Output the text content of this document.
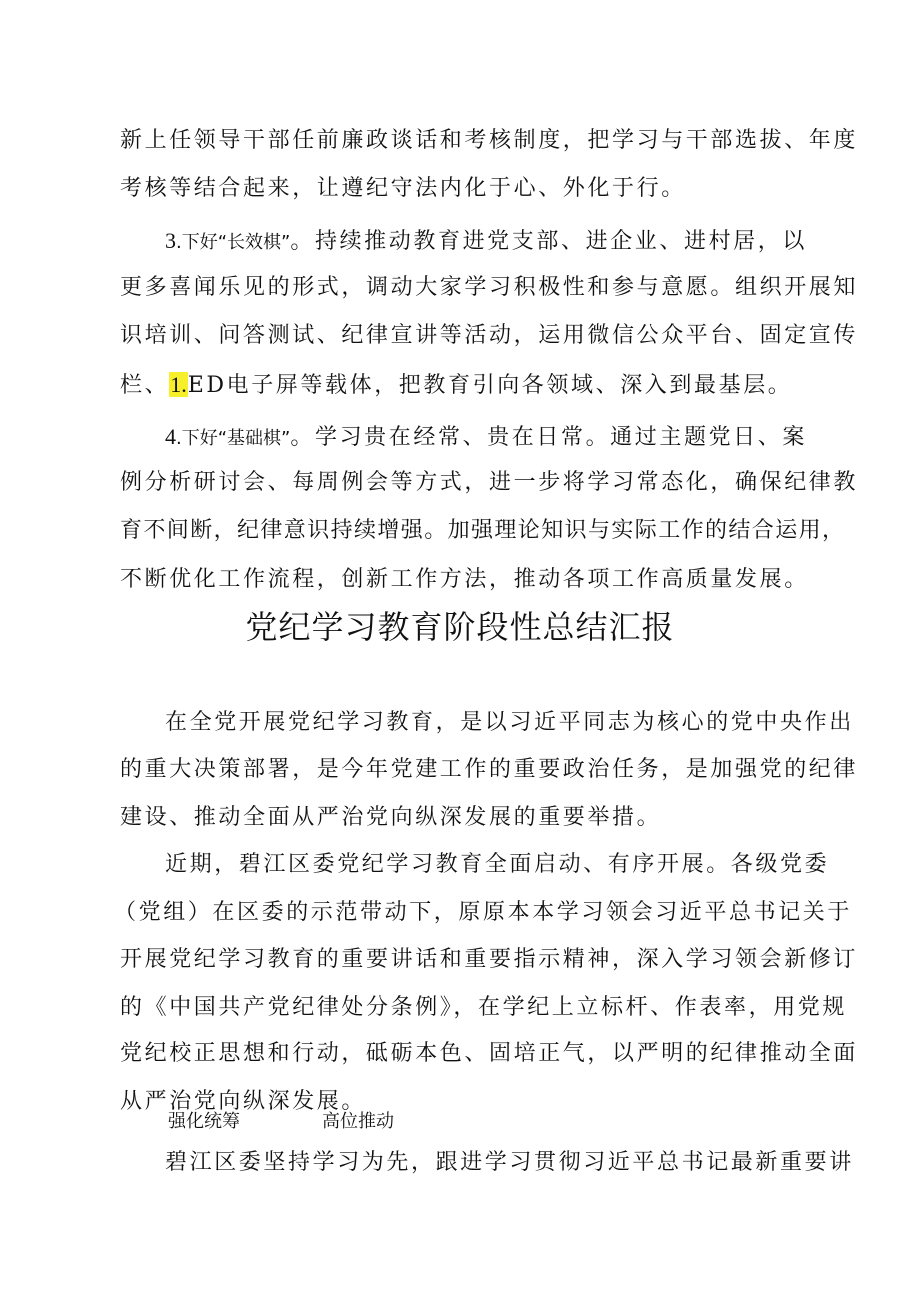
新上任领导干部任前廉政谈话和考核制度，把学习与干部选拔、年度
考核等结合起来，让遵纪守法内化于心、外化于行。
3.下好“长效棋”。持续推动教育进党支部、进企业、进村居，以
更多喜闻乐见的形式，调动大家学习积极性和参与意愿。组织开展知
识培训、问答测试、纪律宣讲等活动，运用微信公众平台、固定宣传
栏、1.ED电子屏等载体，把教育引向各领域、深入到最基层。
4.下好“基础棋”。学习贵在经常、贵在日常。通过主题党日、案
例分析研讨会、每周例会等方式，进一步将学习常态化，确保纪律教
育不间断，纪律意识持续增强。加强理论知识与实际工作的结合运用，
不断优化工作流程，创新工作方法，推动各项工作高质量发展。
党纪学习教育阶段性总结汇报
在全党开展党纪学习教育，是以习近平同志为核心的党中央作出
的重大决策部署，是今年党建工作的重要政治任务，是加强党的纪律
建设、推动全面从严治党向纵深发展的重要举措。
近期，碧江区委党纪学习教育全面启动、有序开展。各级党委
（党组）在区委的示范带动下，原原本本学习领会习近平总书记关于
开展党纪学习教育的重要讲话和重要指示精神，深入学习领会新修订
的《中国共产党纪律处分条例》，在学纪上立标杆、作表率，用党规
党纪校正思想和行动，砥砺本色、固培正气，以严明的纪律推动全面
从严治党向纵深发展。
强化统筹	高位推动
碧江区委坚持学习为先，跟进学习贯彻习近平总书记最新重要讲
